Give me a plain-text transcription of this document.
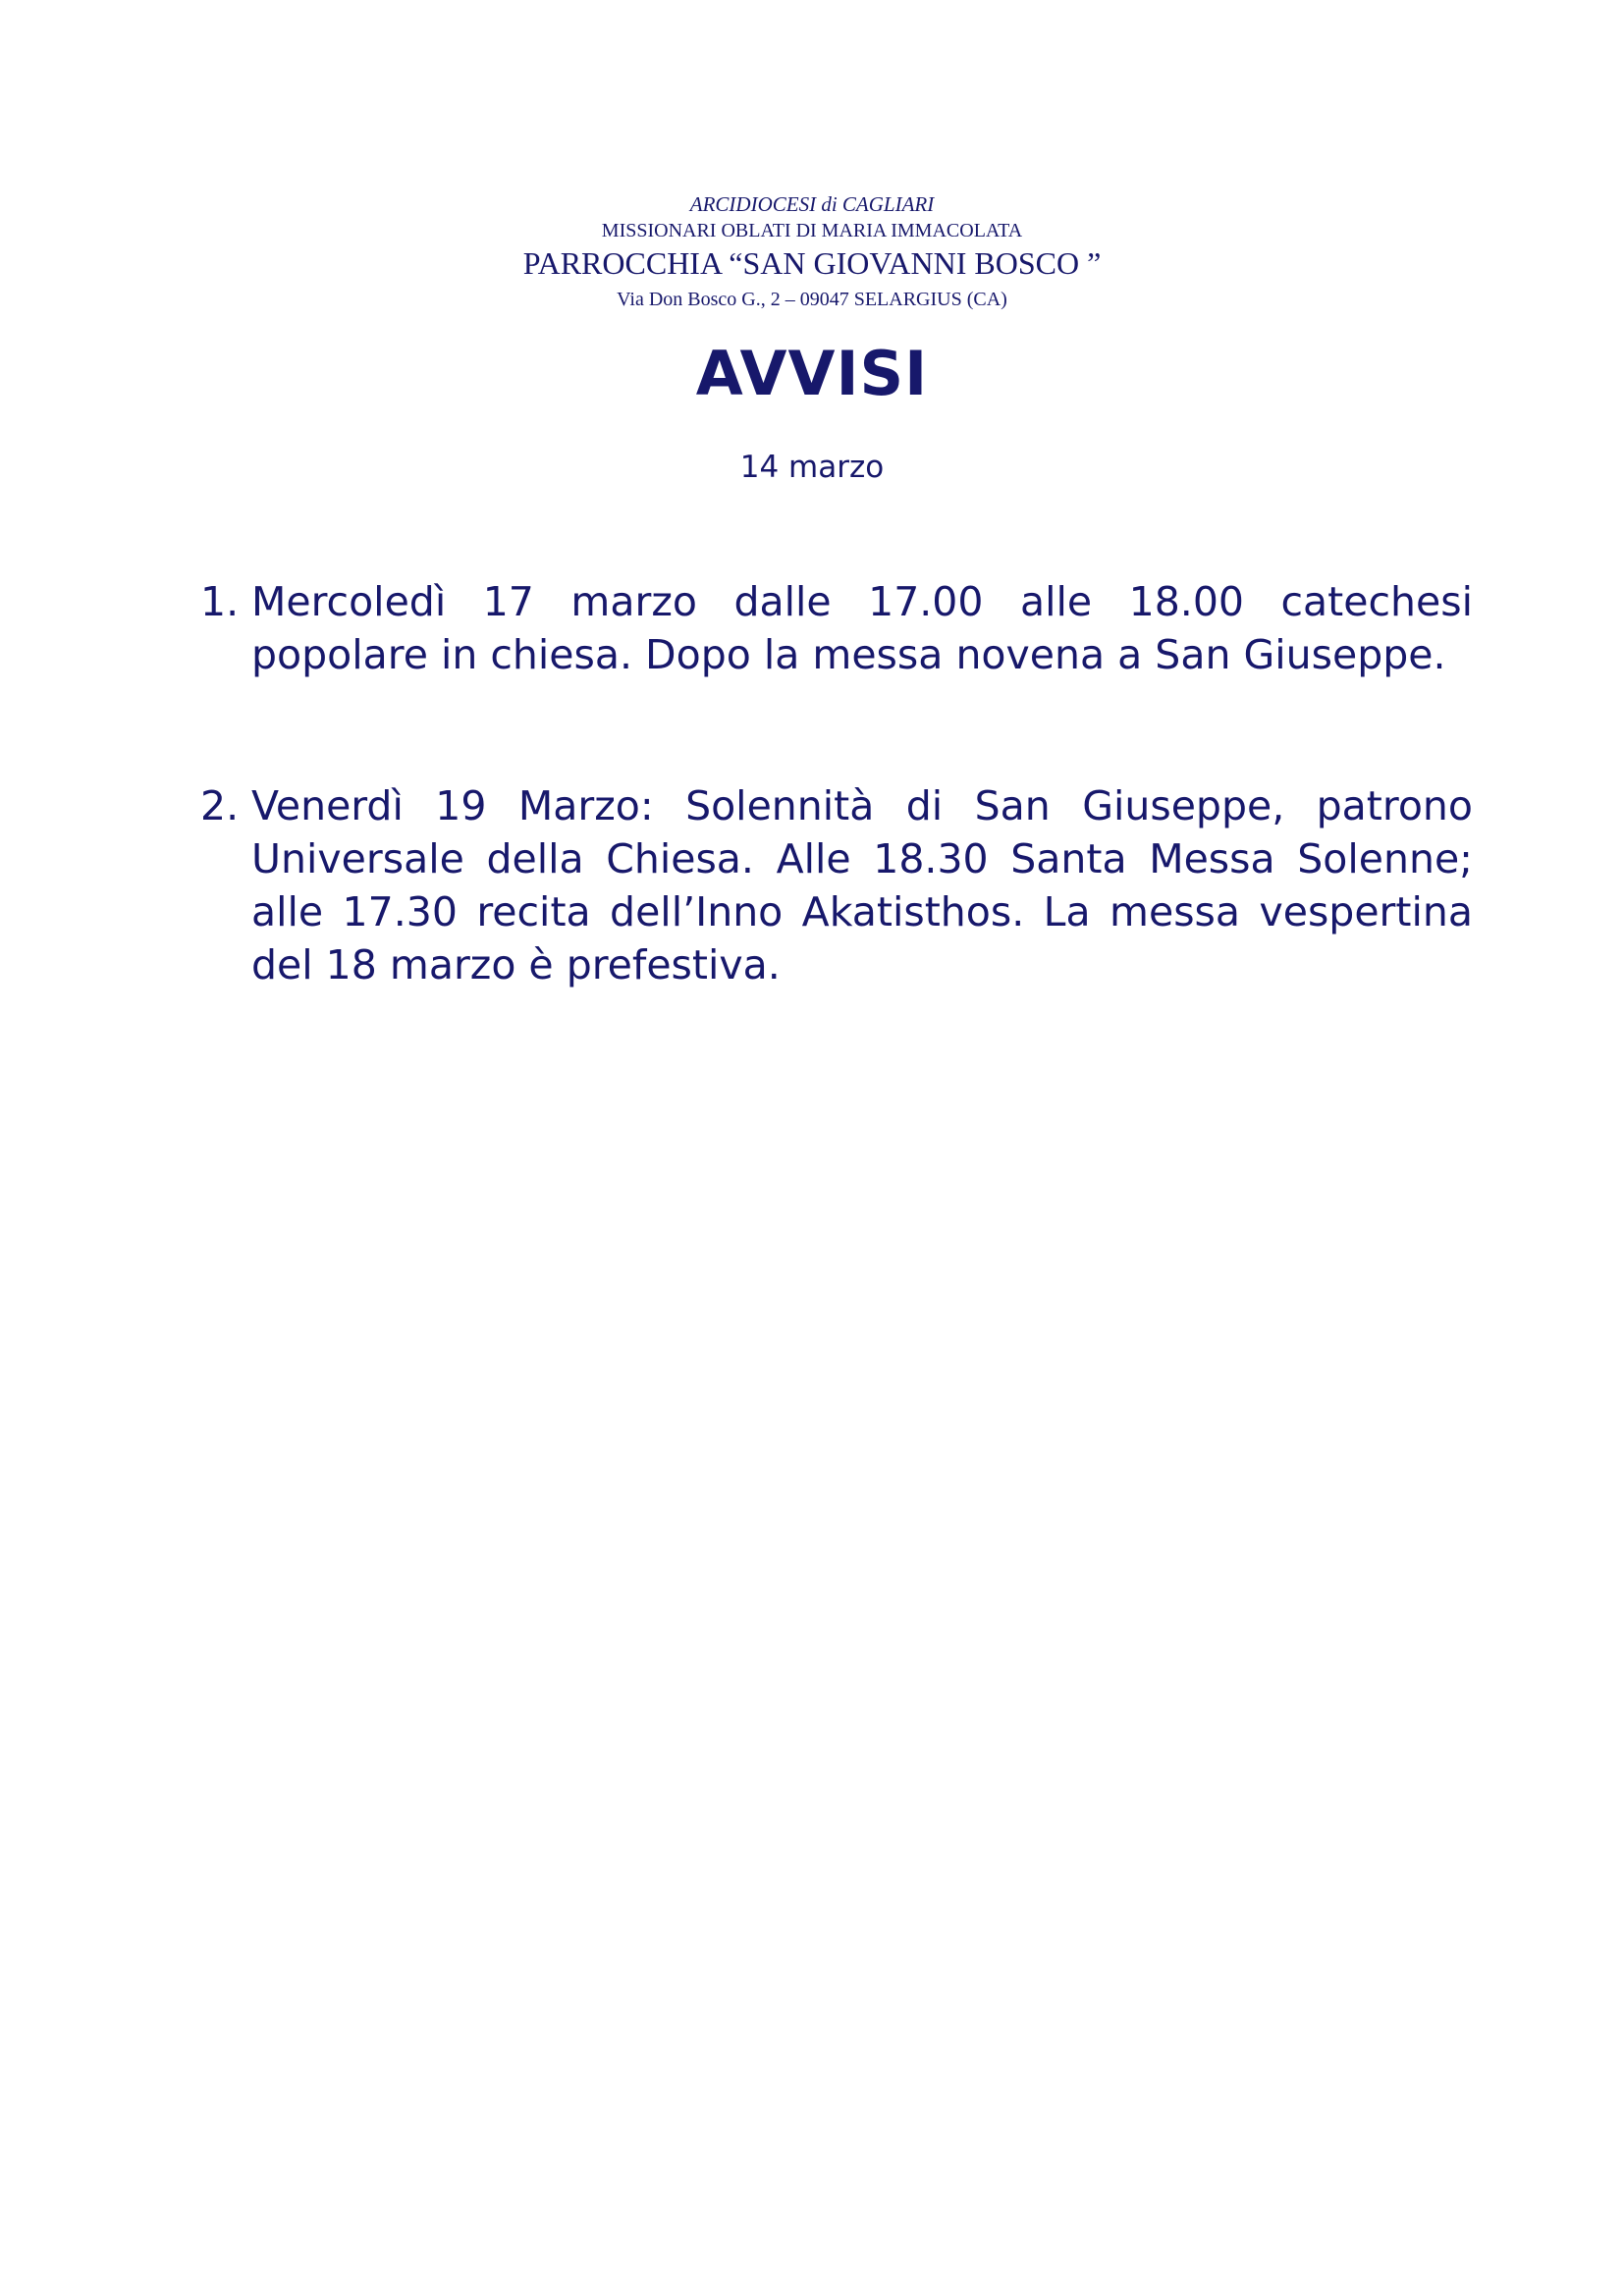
ARCIDIOCESI di CAGLIARI
MISSIONARI OBLATI DI MARIA IMMACOLATA
PARROCCHIA “SAN GIOVANNI BOSCO ”
Via Don Bosco G., 2 – 09047 SELARGIUS (CA)
AVVISI
14 marzo
1. Mercoledì 17 marzo dalle 17.00 alle 18.00 catechesi popolare in chiesa. Dopo la messa novena a San Giuseppe.
2. Venerdì 19 Marzo: Solennità di San Giuseppe, patrono Universale della Chiesa. Alle 18.30 Santa Messa Solenne; alle 17.30 recita dell’Inno Akatisthos. La messa vespertina del 18 marzo è prefestiva.
